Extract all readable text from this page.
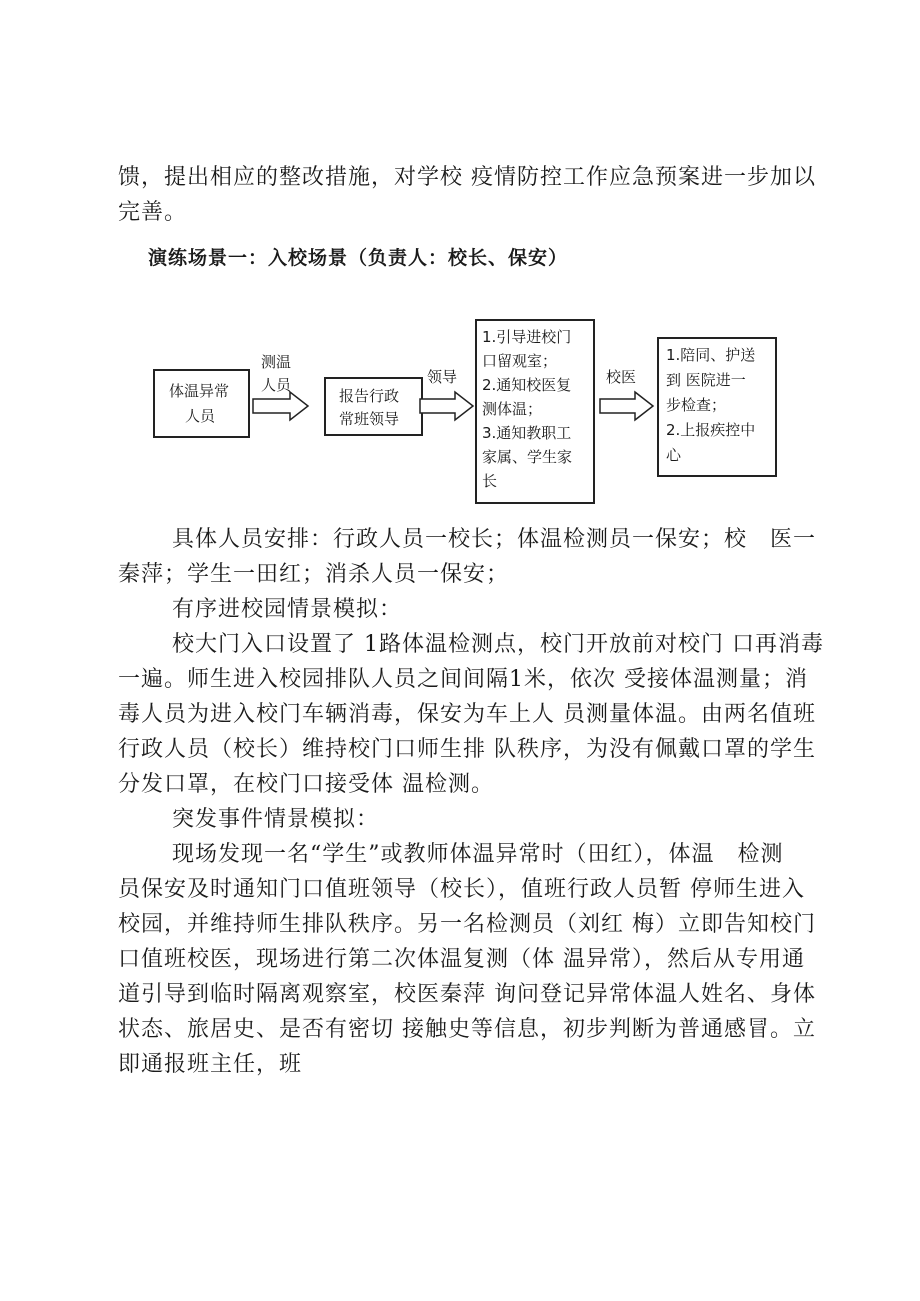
馈，提出相应的整改措施，对学校 疫情防控工作应急预案进一步加以
完善。
演练场景一：入校场景（负责人：校长、保安）
体温异常
人员
测温
人员
报告行政
常班领导
领导
1.引导进校门
口留观室；
2.通知校医复
测体温；
3.通知教职工
家属、学生家
长
校医
1.陪同、护送
到 医院进一
步检查；
2.上报疾控中
心
具体人员安排：行政人员一校长；体温检测员一保安；校　医一
秦萍；学生一田红；消杀人员一保安；
有序进校园情景模拟：
校大门入口设置了 1路体温检测点，校门开放前对校门 口再消毒
一遍。师生进入校园排队人员之间间隔1米，依次 受接体温测量；消
毒人员为进入校门车辆消毒，保安为车上人 员测量体温。由两名值班
行政人员（校长）维持校门口师生排 队秩序，为没有佩戴口罩的学生
分发口罩，在校门口接受体 温检测。
突发事件情景模拟：
现场发现一名“学生”或教师体温异常时（田红），体温　检测
员保安及时通知门口值班领导（校长），值班行政人员暂 停师生进入
校园，并维持师生排队秩序。另一名检测员（刘红 梅）立即告知校门
口值班校医，现场进行第二次体温复测（体 温异常），然后从专用通
道引导到临时隔离观察室，校医秦萍 询问登记异常体温人姓名、身体
状态、旅居史、是否有密切 接触史等信息，初步判断为普通感冒。立
即通报班主任，班
